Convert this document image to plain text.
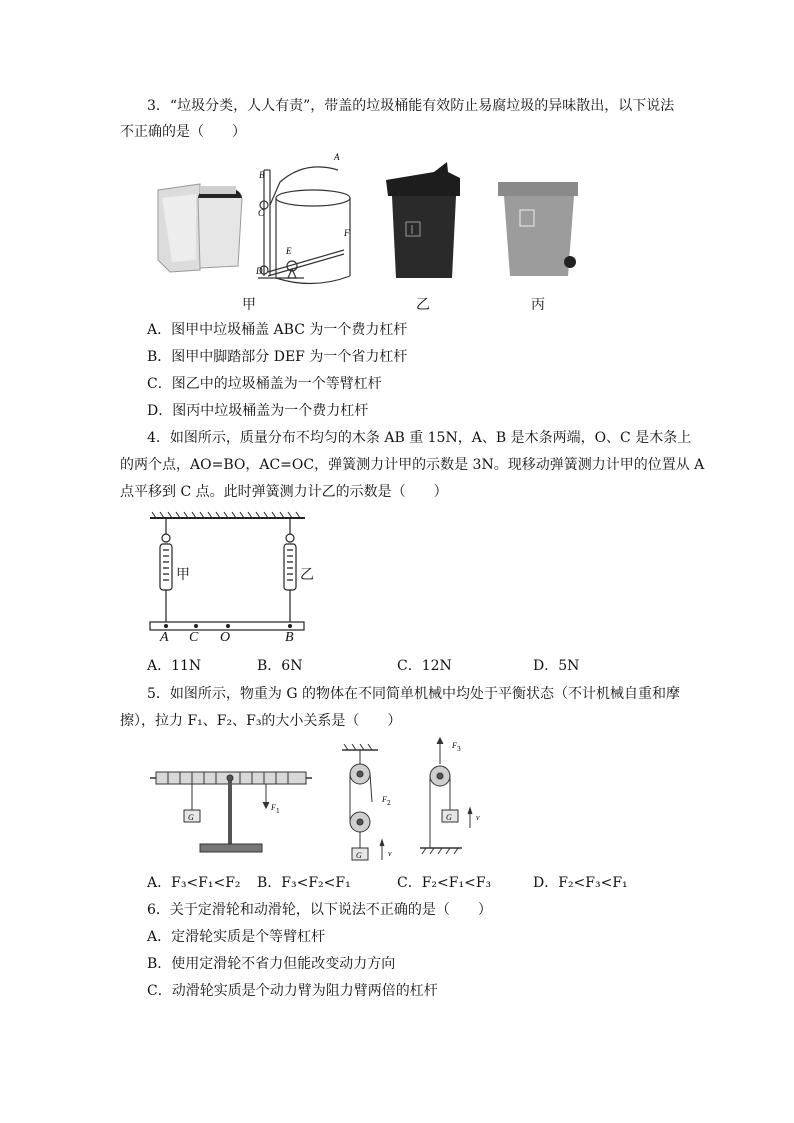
3．“垃圾分类，人人有责”，带盖的垃圾桶能有效防止易腐垃圾的异味散出，以下说法
不正确的是（　　）
A
B
C
D
E
F
甲	乙	丙
A．图甲中垃圾桶盖 ABC 为一个费力杠杆
B．图甲中脚踏部分 DEF 为一个省力杠杆
C．图乙中的垃圾桶盖为一个等臂杠杆
D．图丙中垃圾桶盖为一个费力杠杆
4．如图所示，质量分布不均匀的木条 AB 重 15N，A、B 是木条两端，O、C 是木条上
的两个点，AO=BO，AC=OC，弹簧测力计甲的示数是 3N。现移动弹簧测力计甲的位置从 A
点平移到 C 点。此时弹簧测力计乙的示数是（　　）
甲	乙
A C O	B
A．11N	B．6N	C．12N	D．5N
5．如图所示，物重为 G 的物体在不同简单机械中均处于平衡状态（不计机械自重和摩
擦），拉力 F₁、F₂、F₃的大小关系是（　　）
G
F 1
G
F 2
v
G
F 3
v
A．F₃<F₁<F₂ B．F₃<F₂<F₁	C．F₂<F₁<F₃	D．F₂<F₃<F₁
6．关于定滑轮和动滑轮，以下说法不正确的是（　　）
A．定滑轮实质是个等臂杠杆
B．使用定滑轮不省力但能改变动力方向
C．动滑轮实质是个动力臂为阻力臂两倍的杠杆
